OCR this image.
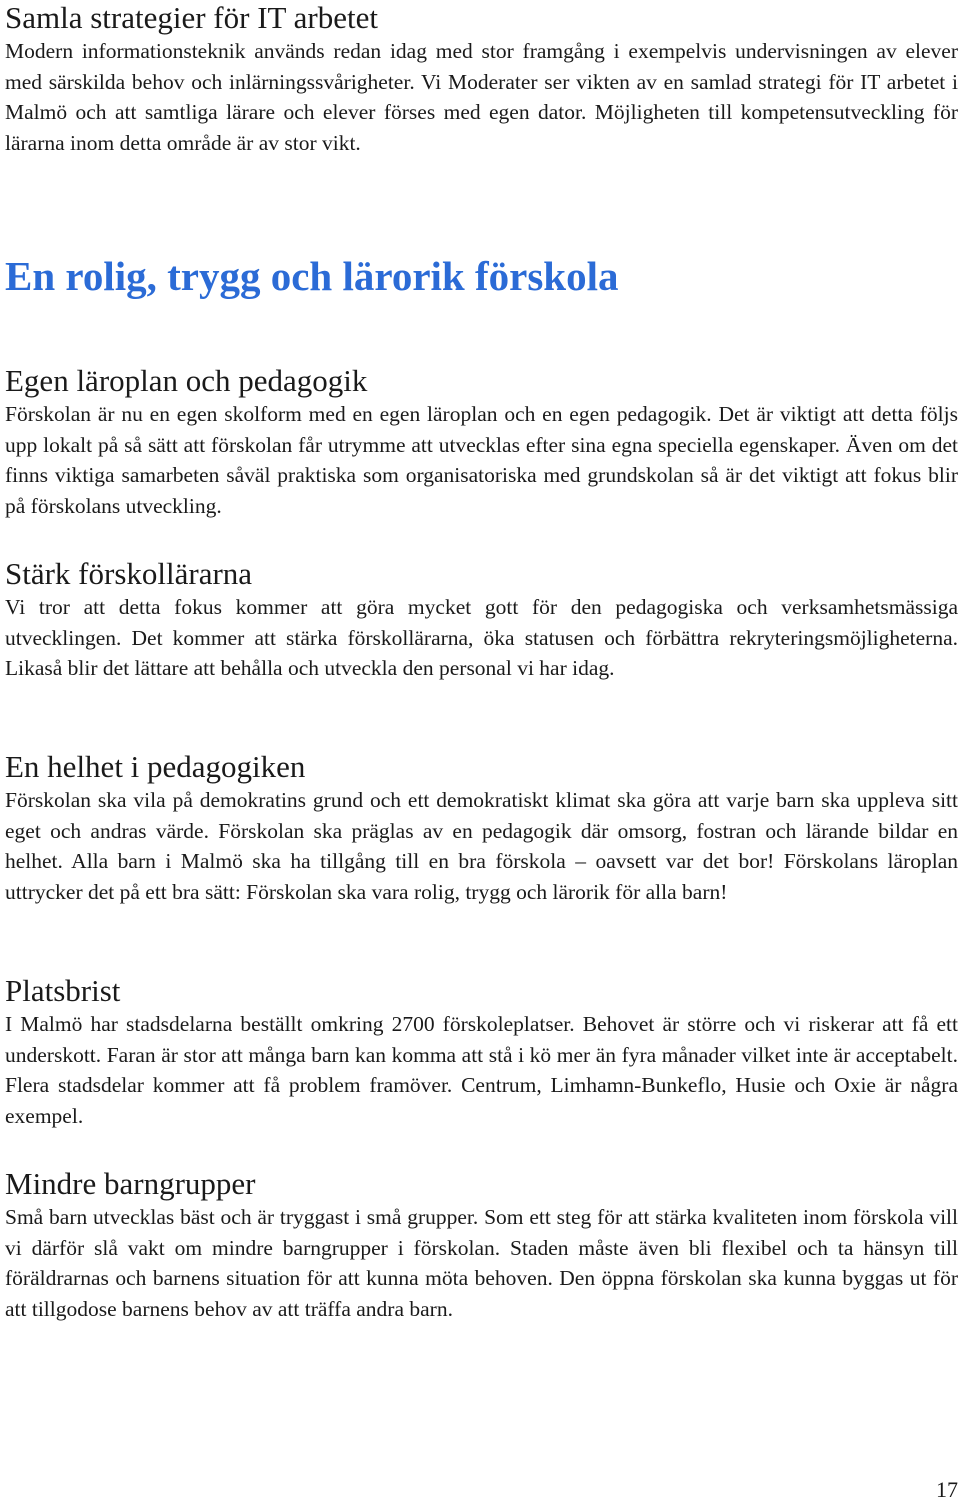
Samla strategier för IT arbetet

Modern informationsteknik används redan idag med stor framgång i exempelvis undervisningen av elever med särskilda behov och inlärningssvårigheter. Vi Moderater ser vikten av en samlad strategi för IT arbetet i Malmö och att samtliga lärare och elever förses med egen dator. Möjligheten till kompetensutveckling för lärarna inom detta område är av stor vikt.

En rolig, trygg och lärorik förskola
Egen läroplan och pedagogik

Förskolan är nu en egen skolform med en egen läroplan och en egen pedagogik. Det är viktigt att detta följs upp lokalt på så sätt att förskolan får utrymme att utvecklas efter sina egna speciella egenskaper. Även om det finns viktiga samarbeten såväl praktiska som organisatoriska med grundskolan så är det viktigt att fokus blir på förskolans utveckling.

Stärk förskollärarna

Vi tror att detta fokus kommer att göra mycket gott för den pedagogiska och verksamhetsmässiga utvecklingen. Det kommer att stärka förskollärarna, öka statusen och förbättra rekryteringsmöjligheterna. Likaså blir det lättare att behålla och utveckla den personal vi har idag.

En helhet i pedagogiken

Förskolan ska vila på demokratins grund och ett demokratiskt klimat ska göra att varje barn ska uppleva sitt eget och andras värde. Förskolan ska präglas av en pedagogik där omsorg, fostran och lärande bildar en helhet. Alla barn i Malmö ska ha tillgång till en bra förskola – oavsett var det bor! Förskolans läroplan uttrycker det på ett bra sätt: Förskolan ska vara rolig, trygg och lärorik för alla barn!

Platsbrist

I Malmö har stadsdelarna beställt omkring 2700 förskoleplatser. Behovet är större och vi riskerar att få ett underskott. Faran är stor att många barn kan komma att stå i kö mer än fyra månader vilket inte är acceptabelt. Flera stadsdelar kommer att få problem framöver. Centrum, Limhamn-Bunkeflo, Husie och Oxie är några exempel.

Mindre barngrupper

Små barn utvecklas bäst och är tryggast i små grupper. Som ett steg för att stärka kvaliteten inom förskola vill vi därför slå vakt om mindre barngrupper i förskolan. Staden måste även bli flexibel och ta hänsyn till föräldrarnas och barnens situation för att kunna möta behoven. Den öppna förskolan ska kunna byggas ut för att tillgodose barnens behov av att träffa andra barn.

17
